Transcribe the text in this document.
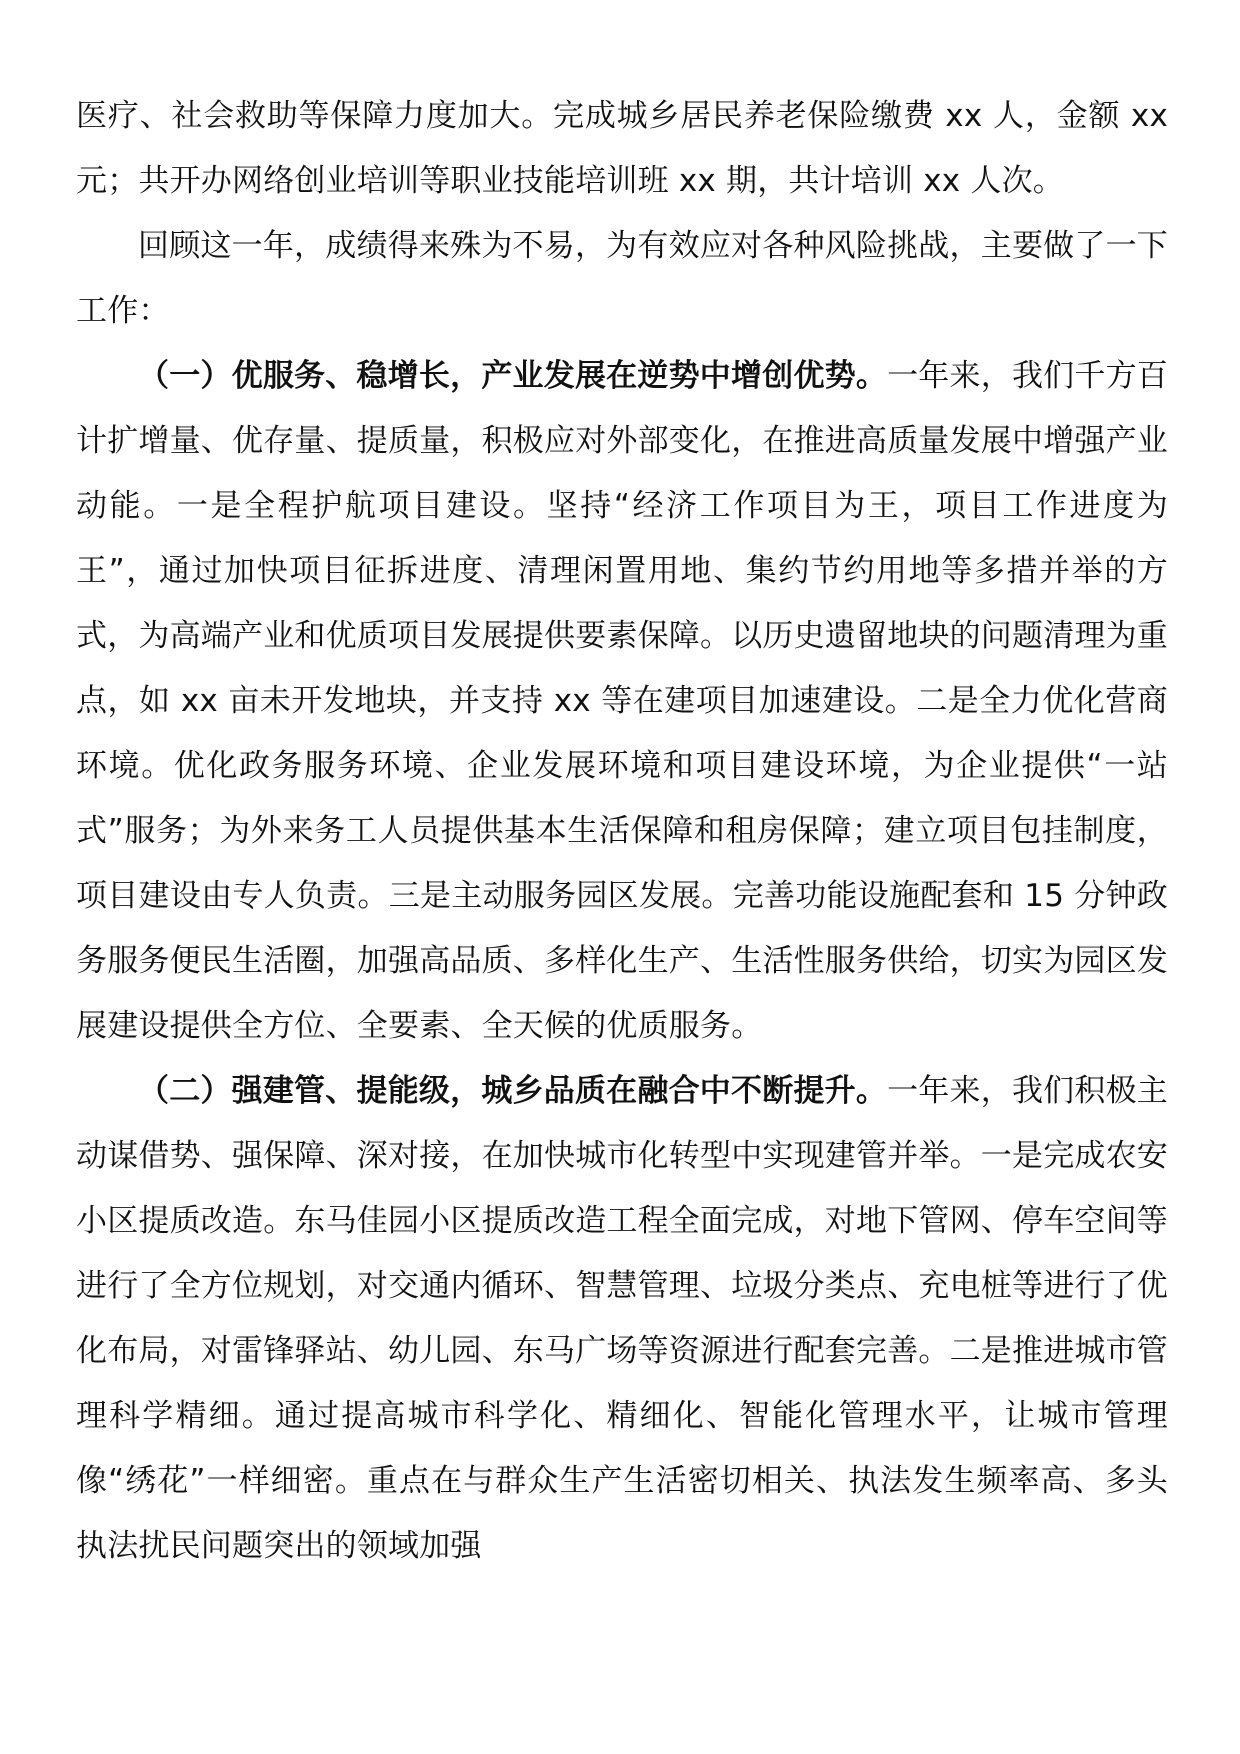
医疗、社会救助等保障力度加大。完成城乡居民养老保险缴费 xx 人，金额 xx 元；共开办网络创业培训等职业技能培训班 xx 期，共计培训 xx 人次。

回顾这一年，成绩得来殊为不易，为有效应对各种风险挑战，主要做了一下工作：

（一）优服务、稳增长，产业发展在逆势中增创优势。一年来，我们千方百计扩增量、优存量、提质量，积极应对外部变化，在推进高质量发展中增强产业动能。一是全程护航项目建设。坚持“经济工作项目为王，项目工作进度为王”，通过加快项目征拆进度、清理闲置用地、集约节约用地等多措并举的方式，为高端产业和优质项目发展提供要素保障。以历史遗留地块的问题清理为重点，如 xx 亩未开发地块，并支持 xx 等在建项目加速建设。二是全力优化营商环境。优化政务服务环境、企业发展环境和项目建设环境，为企业提供“一站式”服务；为外来务工人员提供基本生活保障和租房保障；建立项目包挂制度，项目建设由专人负责。三是主动服务园区发展。完善功能设施配套和 15 分钟政务服务便民生活圈，加强高品质、多样化生产、生活性服务供给，切实为园区发展建设提供全方位、全要素、全天候的优质服务。

（二）强建管、提能级，城乡品质在融合中不断提升。一年来，我们积极主动谋借势、强保障、深对接，在加快城市化转型中实现建管并举。一是完成农安小区提质改造。东马佳园小区提质改造工程全面完成，对地下管网、停车空间等进行了全方位规划，对交通内循环、智慧管理、垃圾分类点、充电桩等进行了优化布局，对雷锋驿站、幼儿园、东马广场等资源进行配套完善。二是推进城市管理科学精细。通过提高城市科学化、精细化、智能化管理水平，让城市管理像“绣花”一样细密。重点在与群众生产生活密切相关、执法发生频率高、多头执法扰民问题突出的领域加强
